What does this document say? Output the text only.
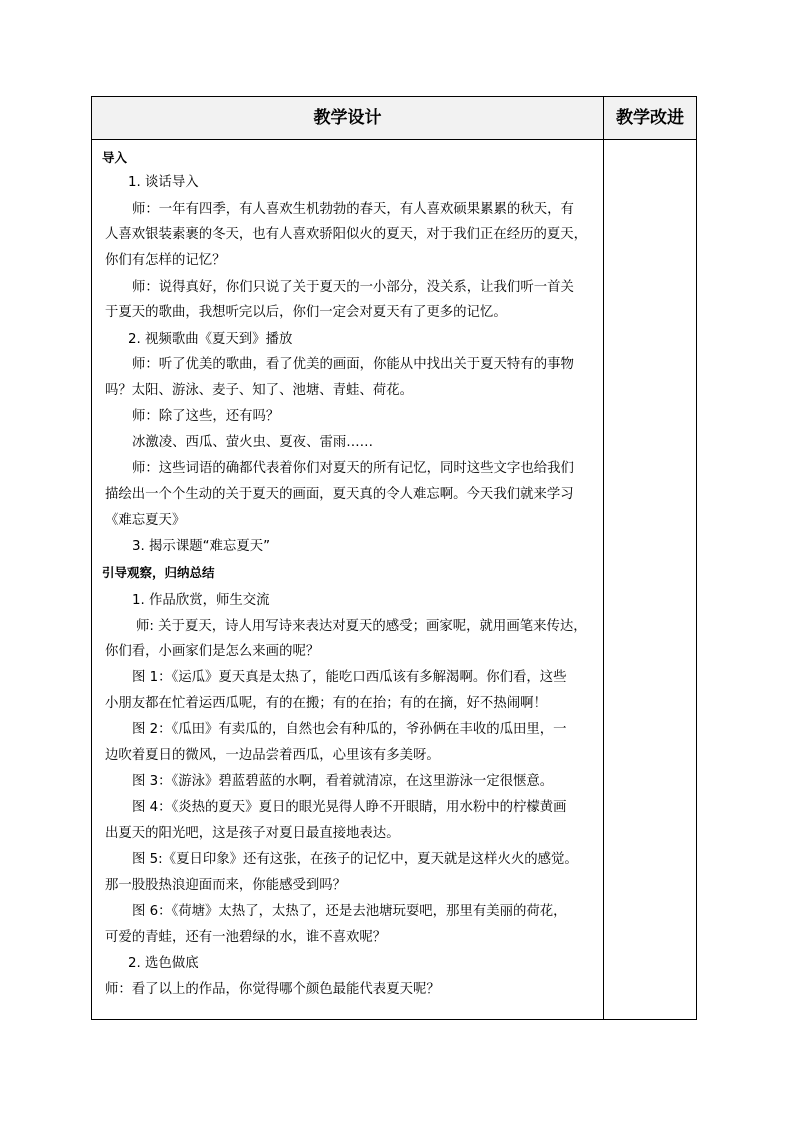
教学设计	教学改进
导入
1. 谈话导入
师：一年有四季，有人喜欢生机勃勃的春天，有人喜欢硕果累累的秋天，有
人喜欢银装素裹的冬天，也有人喜欢骄阳似火的夏天，对于我们正在经历的夏天，
你们有怎样的记忆？
师：说得真好，你们只说了关于夏天的一小部分，没关系，让我们听一首关
于夏天的歌曲，我想听完以后，你们一定会对夏天有了更多的记忆。
2. 视频歌曲《夏天到》播放
师：听了优美的歌曲，看了优美的画面，你能从中找出关于夏天特有的事物
吗？太阳、游泳、麦子、知了、池塘、青蛙、荷花。
师：除了这些，还有吗？
冰激凌、西瓜、萤火虫、夏夜、雷雨……
师：这些词语的确都代表着你们对夏天的所有记忆，同时这些文字也给我们
描绘出一个个生动的关于夏天的画面，夏天真的令人难忘啊。今天我们就来学习
《难忘夏天》
3. 揭示课题“难忘夏天”
引导观察，归纳总结
1. 作品欣赏，师生交流
师: 关于夏天，诗人用写诗来表达对夏天的感受；画家呢，就用画笔来传达，
你们看，小画家们是怎么来画的呢？
图 1：《运瓜》夏天真是太热了，能吃口西瓜该有多解渴啊。你们看，这些
小朋友都在忙着运西瓜呢，有的在搬；有的在抬；有的在摘，好不热闹啊！
图 2：《瓜田》有卖瓜的，自然也会有种瓜的，爷孙俩在丰收的瓜田里，一
边吹着夏日的微风，一边品尝着西瓜，心里该有多美呀。
图 3：《游泳》碧蓝碧蓝的水啊，看着就清凉，在这里游泳一定很惬意。
图 4：《炎热的夏天》夏日的眼光晃得人睁不开眼睛，用水粉中的柠檬黄画
出夏天的阳光吧，这是孩子对夏日最直接地表达。
图 5:《夏日印象》还有这张，在孩子的记忆中，夏天就是这样火火的感觉。
那一股股热浪迎面而来，你能感受到吗？
图 6：《荷塘》太热了，太热了，还是去池塘玩耍吧，那里有美丽的荷花，
可爱的青蛙，还有一池碧绿的水，谁不喜欢呢？
2. 选色做底
师：看了以上的作品，你觉得哪个颜色最能代表夏天呢？
